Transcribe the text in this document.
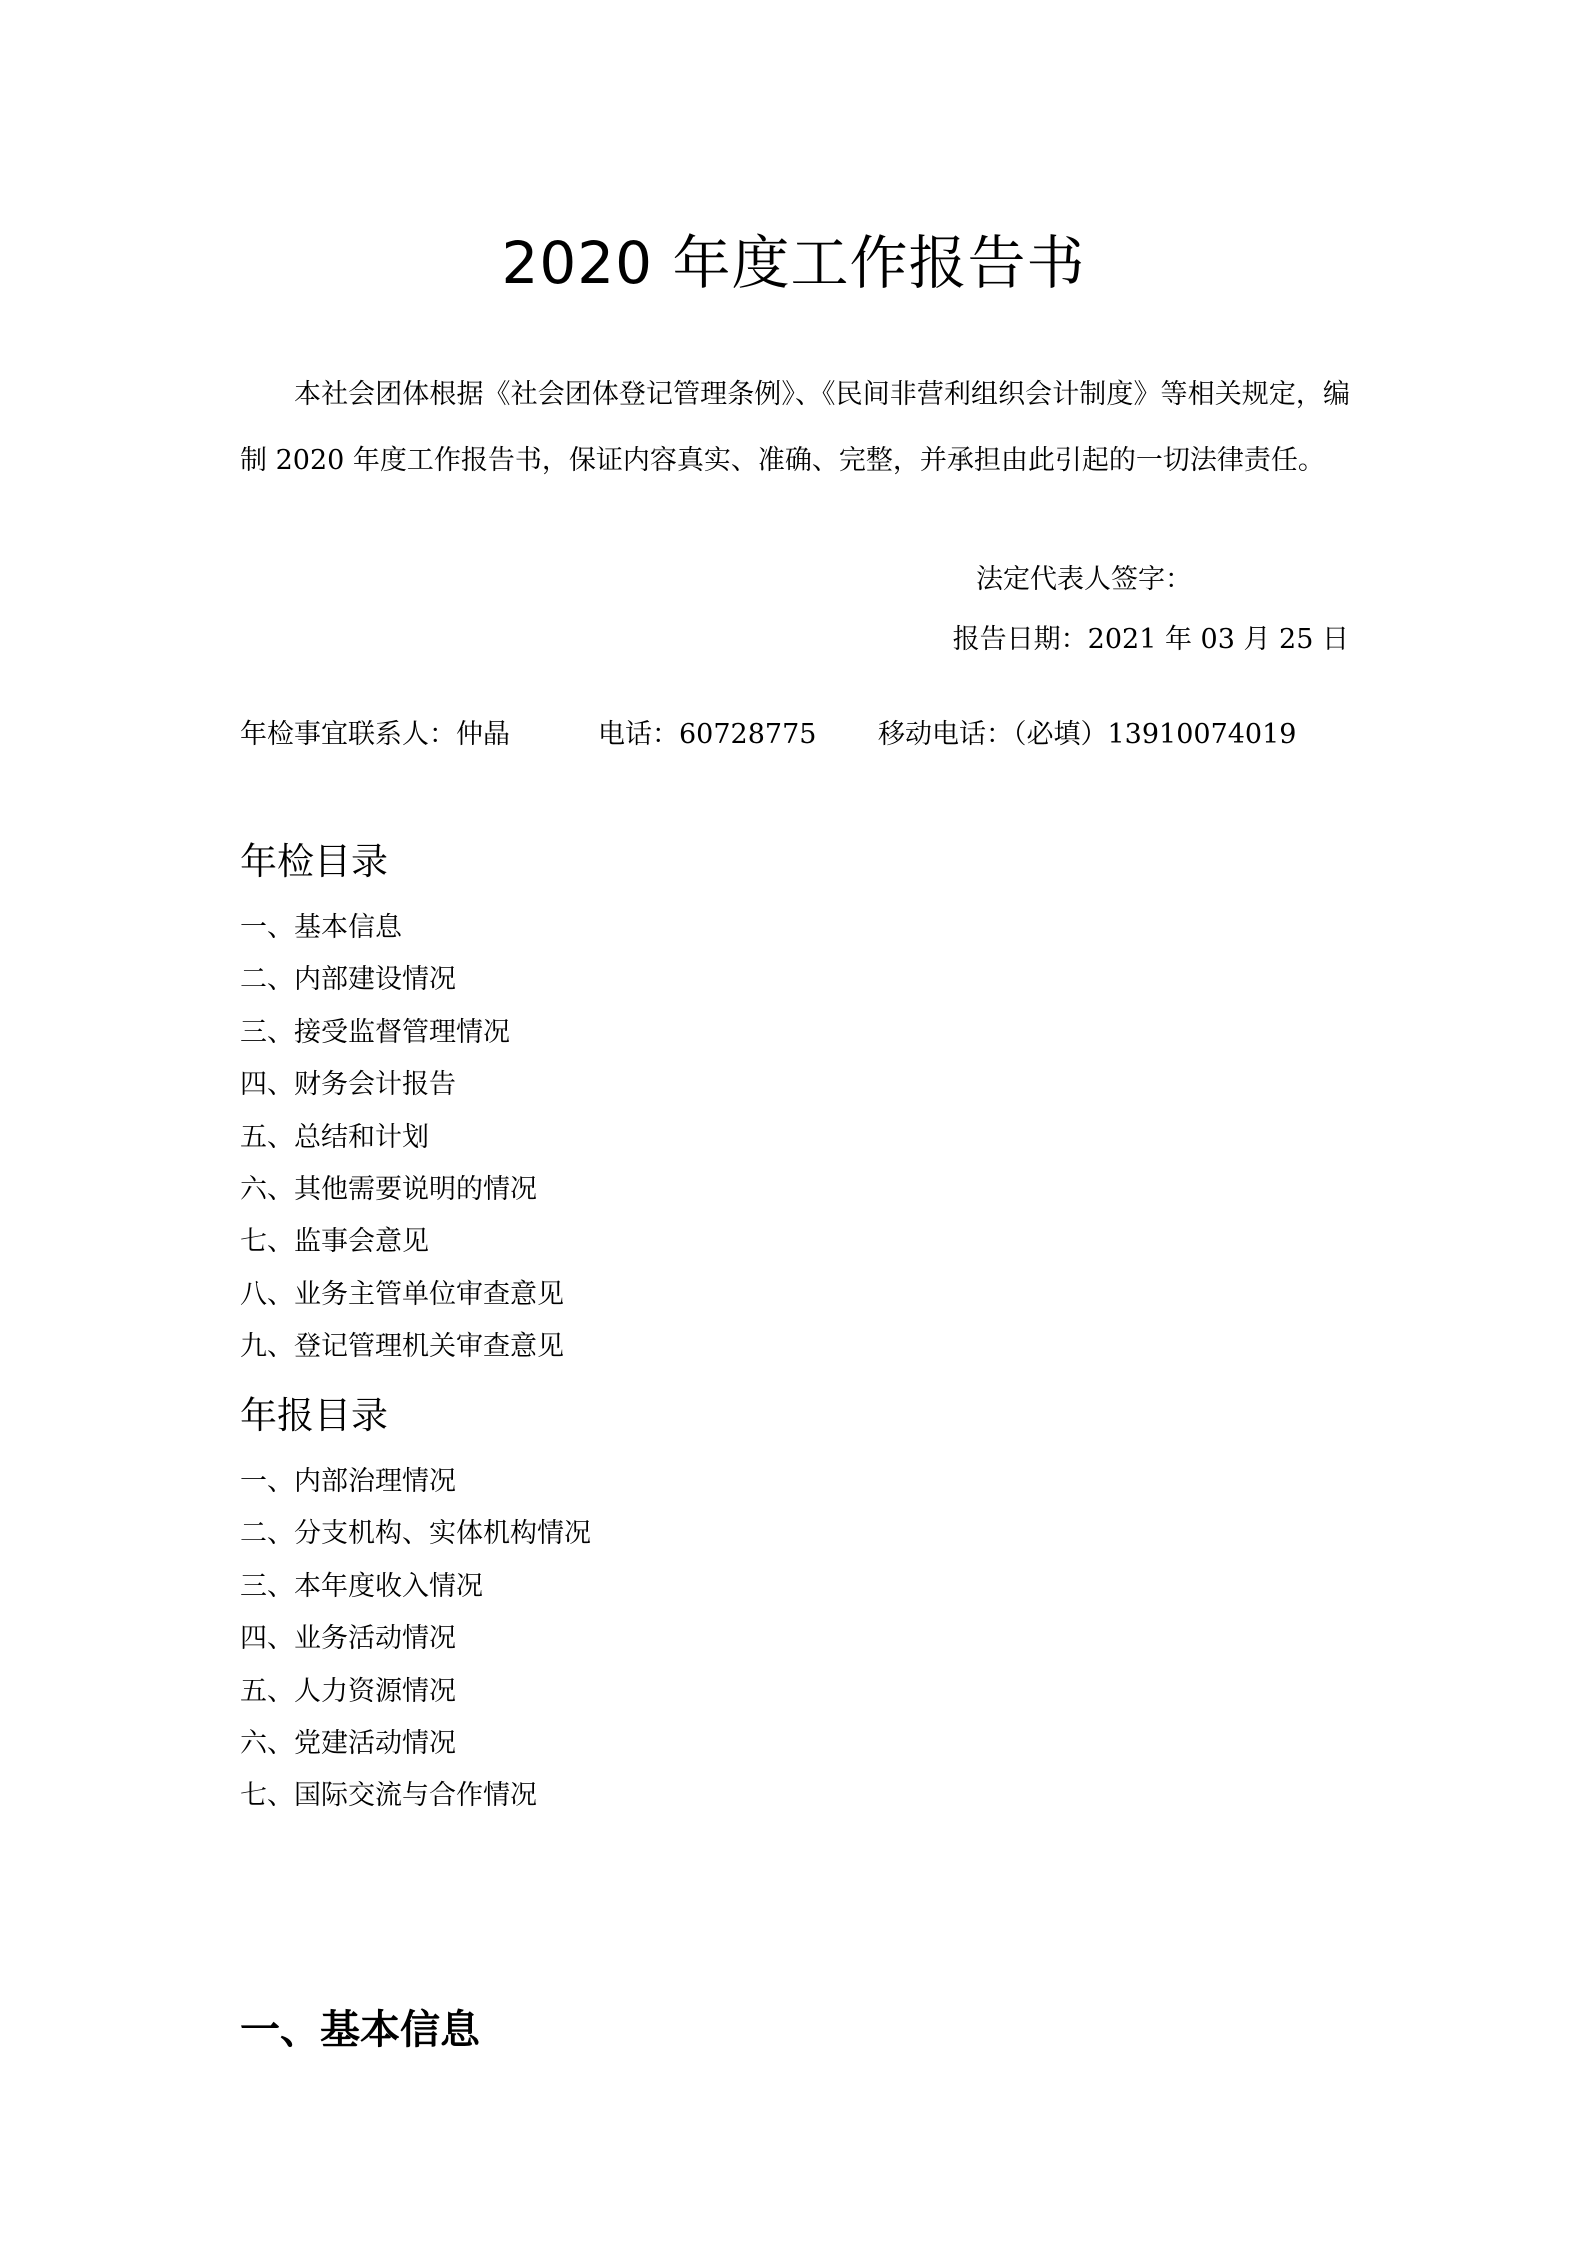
2020 年度工作报告书

本社会团体根据《社会团体登记管理条例》、《民间非营利组织会计制度》等相关规定，编制 2020 年度工作报告书，保证内容真实、准确、完整，并承担由此引起的一切法律责任。

法定代表人签字：

报告日期：2021 年 03 月 25 日

年检事宜联系人：仲晶	电话：60728775 移动电话：（必填）13910074019
年检目录
一、基本信息
二、内部建设情况
三、接受监督管理情况
四、财务会计报告
五、总结和计划
六、其他需要说明的情况
七、监事会意见
八、业务主管单位审查意见
九、登记管理机关审查意见
年报目录
一、内部治理情况
二、分支机构、实体机构情况
三、本年度收入情况
四、业务活动情况
五、人力资源情况
六、党建活动情况
七、国际交流与合作情况
一、基本信息
